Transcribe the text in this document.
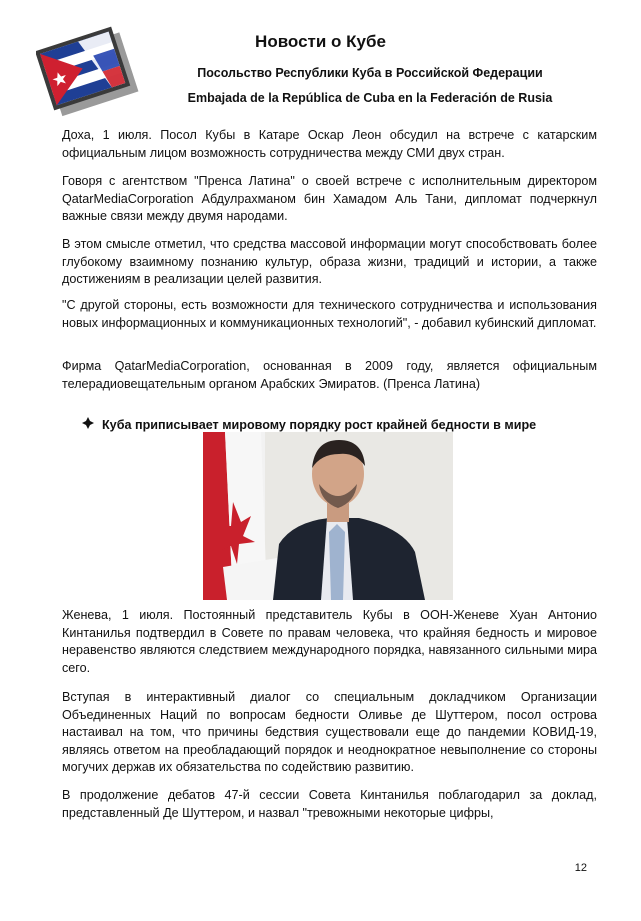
Новости о Кубе

Посольство Республики Куба в Российской Федерации

Embajada de la República de Cuba en la Federación de Rusia

Доха, 1 июля. Посол Кубы в Катаре Оскар Леон обсудил на встрече с катарским официальным лицом возможность сотрудничества между СМИ двух стран.

Говоря с агентством "Пренса Латина" о своей встрече с исполнительным директором QatarMediaCorporation Абдулрахманом бин Хамадом Аль Тани, дипломат подчеркнул важные связи между двумя народами.

В этом смысле отметил, что средства массовой информации могут способствовать более глубокому взаимному познанию культур, образа жизни, традиций и истории, а также достижениям в реализации целей развития.

"С другой стороны, есть возможности для технического сотрудничества и использования новых информационных и коммуникационных технологий", - добавил кубинский дипломат.

Фирма QatarMediaCorporation, основанная в 2009 году, является официальным телерадиовещательным органом Арабских Эмиратов. (Пренса Латина)

Куба приписывает мировому порядку рост крайней бедности в мире

Женева, 1 июля. Постоянный представитель Кубы в ООН-Женеве Хуан Антонио Кинтанилья подтвердил в Совете по правам человека, что крайняя бедность и мировое неравенство являются следствием международного порядка, навязанного сильными мира сего.

Вступая в интерактивный диалог со специальным докладчиком Организации Объединенных Наций по вопросам бедности Оливье де Шуттером, посол острова настаивал на том, что причины бедствия существовали еще до пандемии КОВИД-19, являясь ответом на преобладающий порядок и неоднократное невыполнение со стороны могучих держав их обязательства по содействию развитию.

В продолжение дебатов 47-й сессии Совета Кинтанилья поблагодарил за доклад, представленный Де Шуттером, и назвал "тревожными некоторые цифры,

12
